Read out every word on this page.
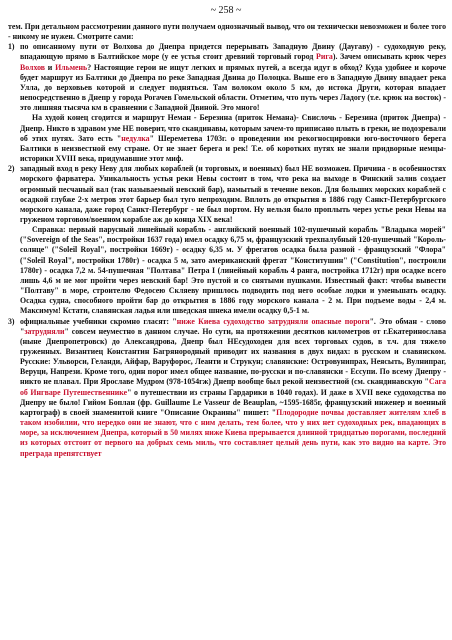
~ 258 ~

тем. При детальном рассмотрении данного пути получаем однозначный вывод, что он технически невозможен и более того - никому не нужен. Смотрите сами:

1) по описанному пути от Волхова до Днепра придется перерывать Западную Двину (Даугаву) - судоходную реку, впадающую прямо в Балтийское море (у ее устья стоит древний торговый город Рига). Зачем описывать крюк через Волхов и Ильмень? Настоящие герои не ищут легких и прямых путей, а всегда идут в обход? Куда удобнее и короче будет маршрут из Балтики до Днепра по реке Западная Двина до Полоцка. Выше его в Западную Двину впадает река Улла, до верховьев которой и следует подняться. Там волоком около 5 км, до истока Други, которая впадает непосредственно в Днепр у города Рогачев Гомельской области. Отметим, что путь через Ладогу (т.е. крюк на восток) - это лишняя тысяча км в сравнении с Западной Двиной. Это много!

На худой конец сгодится и маршрут Неман - Березина (приток Немана)- Свислочь - Березина (приток Днепра) - Днепр. Никто в здравом уме НЕ поверит, что скандинавы, которым зачем-то приписано плыть в греки, не подозревали об этих путях. Зато есть "недулка" Шереметева 1703г. о проведении им рекогносцировки юго-восточного берега Балтики в неизвестной ему стране. От не знает берега и рек! Т.е. об коротких путях не знали придворные немцы-историки XVIII века, придумавшие этот миф.

2) западный вход в реку Неву для любых кораблей (и торговых, и военных) был НЕ возможен. Причина - в особенностях морского фарватера. Уникальность устья реки Невы состоит в том, что река на выходе в Финский залив создает огромный песчаный вал (так называемый невский бар), намытый в течение веков. Для больших морских кораблей с осадкой глубже 2-х метров этот барьер был туго непроходим. Вплоть до открытия в 1886 году Санкт-Петербургского морского канала, даже город Санкт-Петербург - не был портом. Ну нельзя было проплыть через устье реки Невы на груженом торговом/военном корабле аж до конца XIX века!

Справка: первый парусный линейный корабль - английский военный 102-пушечный корабль "Владыка морей" ("Sovereign of the Seas", постройки 1637 года) имел осадку 6,75 м, французский трехпалубный 120-пушечный "Король-солнце" ("Soleil Royal", постройки 1669г) - осадку 6,35 м. У фрегатов осадка была разной - французский "Флора"("Soleil Royal", постройки 1780г) - осадка 5 м, зато американский фрегат "Конститушин" ("Constitution", построили 1780г) - осадка 7,2 м. 54-пушечная "Полтава" Петра I (линейный корабль 4 ранга, постройка 1712г) при осадке всего лишь 4,6 м не мог пройти через невский бар! Это пустой и со снятыми пушками. Известный факт: чтобы вывести "Полтаву" в море, строителю Федосею Скляеву пришлось подводить под него особые лодки и уменьшать осадку. Осадка судна, способного пройти бар до открытия в 1886 году морского канала - 2 м. При подъеме воды - 2,4 м. Максимум! Кстати, славянская ладья или шведская шнека имели осадку 0,5-1 м.

3) официальные учебники скромно гласят: "ниже Киева судоходство затрудняли опасные пороги". Это обман - слово "затрудняли" совсем неуместно в данном случае. Но сути, на протяжении десятков километров от г.Екатеринослава (ныне Днепропетровск) до Александрова, Днепр был НЕсудоходен для всех торговых судов, в т.ч. для тяжело груженных. Византиец Константин Багрянородный приводит их названия в двух видах: в русском и славянском. Русские: Ульворси, Геланди, Айфар, Варуфорос, Леанти и Струкун; славянские: Островунипрах, Неясыть, Вулнипраг, Веруци, Напрези. Кроме того, один порог имел общее название, по-русски и по-славянски - Ессупи. По всему Днепру - никто не плавал. При Ярославе Мудром (978-1054гж) Днепр вообще был рекой неизвестной (см. скандинавскую "Сага об Ингваре Путешественнике" о путешествии из страны Гардарики в 1040 годах). И даже в XVII веке судоходства по Днепру не было! Гийом Боплан (фр. Guillaume Le Vasseur de Beauplan, ~1595-1685г, французский инженер и военный картограф) в своей знаменитой книге "Описание Окраины" пишет: "Плодородие почвы доставляет жителям хлеб в таком изобилии, что нередко они не знают, что с ним делать, тем более, что у них нет судоходных рек, впадающих в море, за исключением Днепра, который в 50 милях ниже Киева прерывается длинной тридцатью порогами, последний из которых отстоит от первого на добрых семь миль, что составляет целый день пути, как это видно на карте. Это преграда препятствует
